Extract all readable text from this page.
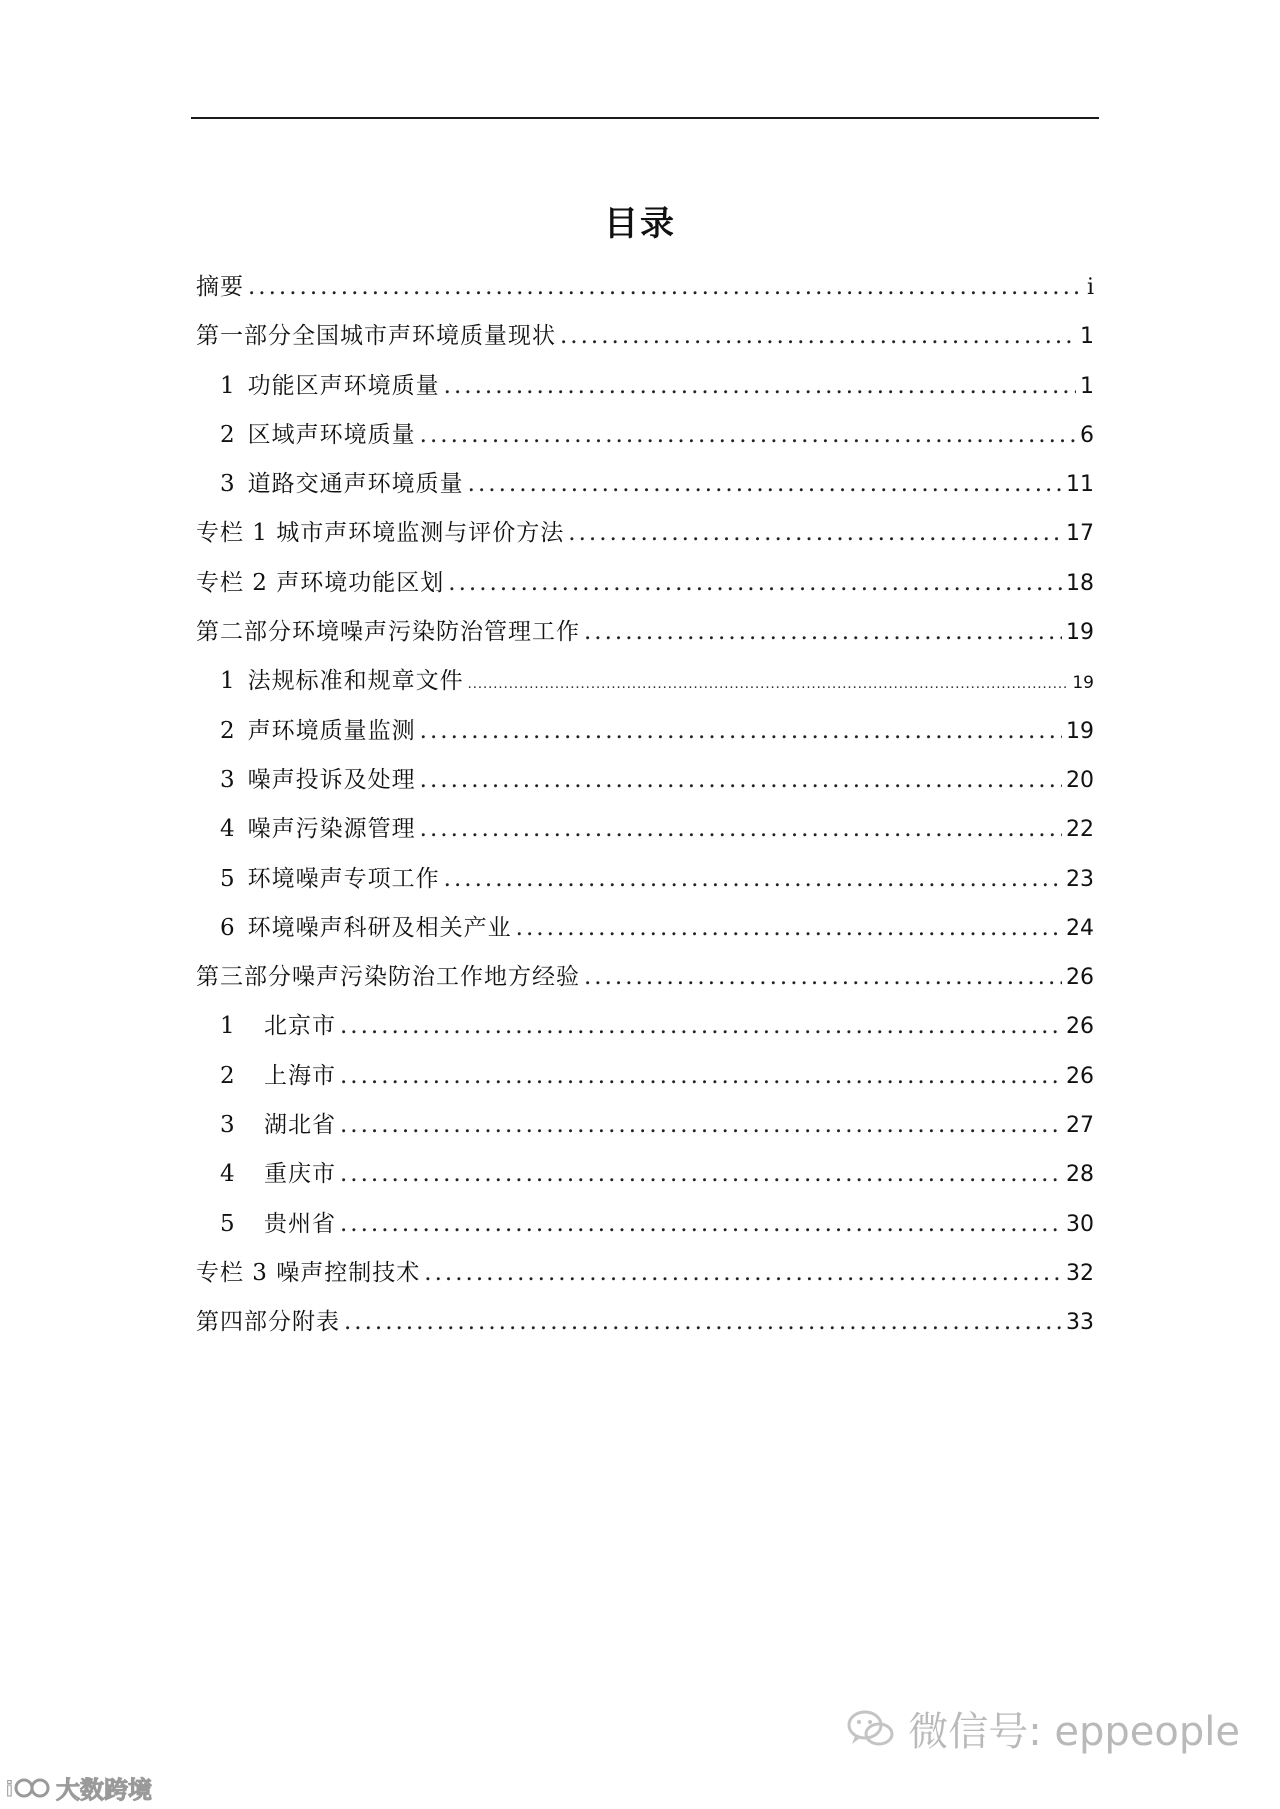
目录
摘要 .....	i
第一部分全国城市声环境质量现状 .....	1
1 功能区声环境质量 .....	1
2 区域声环境质量 .....	6
3 道路交通声环境质量 .....	11
专栏 1 城市声环境监测与评价方法 .....	17
专栏 2 声环境功能区划 .....	18
第二部分环境噪声污染防治管理工作 .....	19
1 法规标准和规章文件 .....	19
2 声环境质量监测 .....	19
3 噪声投诉及处理 .....	20
4 噪声污染源管理 .....	22
5 环境噪声专项工作 .....	23
6 环境噪声科研及相关产业 .....	24
第三部分噪声污染防治工作地方经验 .....	26
1	北京市 .....	26
2	上海市 .....	26
3	湖北省 .....	27
4	重庆市 .....	28
5	贵州省 .....	30
专栏 3 噪声控制技术 .....	32
第四部分附表 .....	33
微信号: eppeople
i 大数跨境
